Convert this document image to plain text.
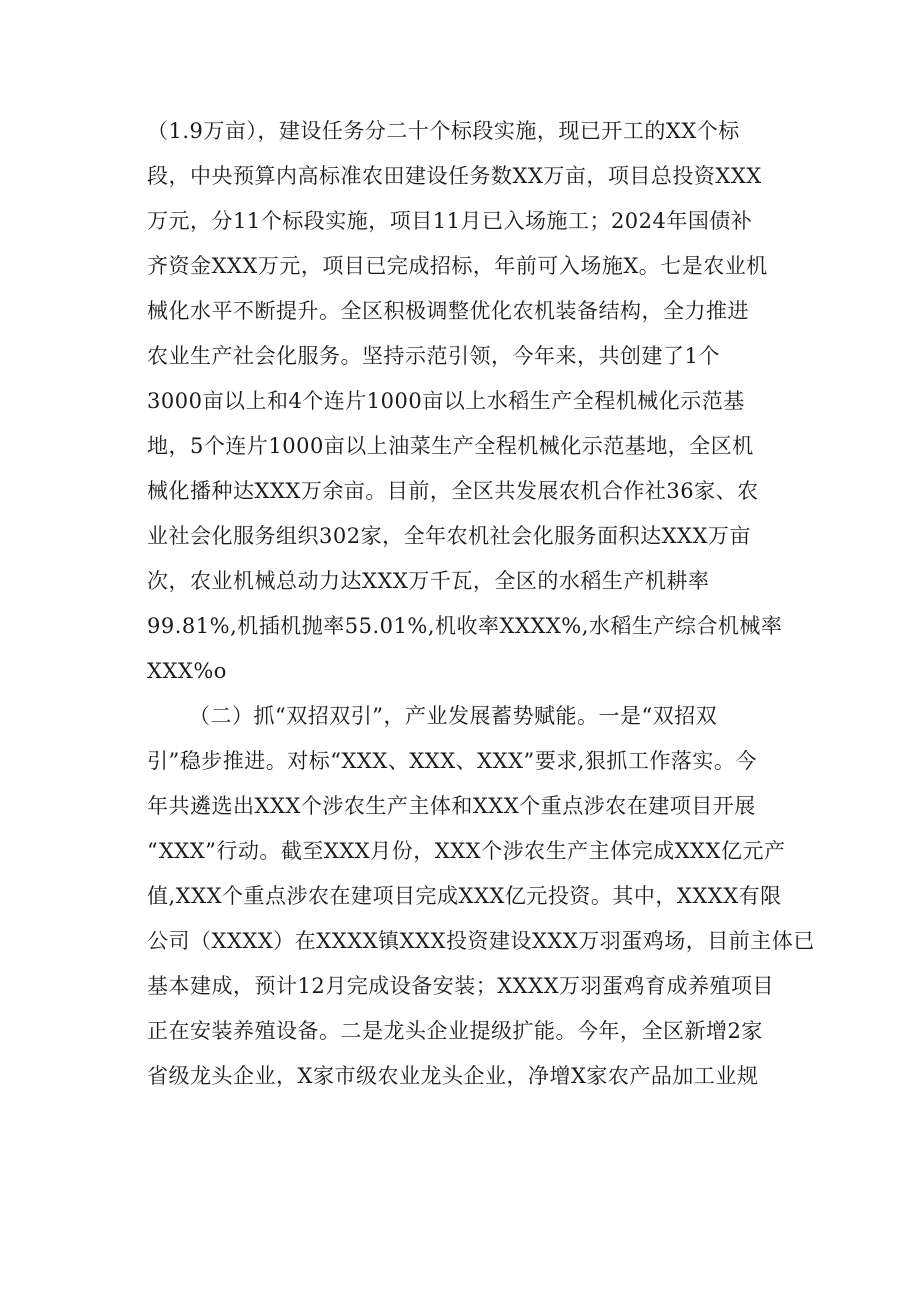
（1.9万亩），建设任务分二十个标段实施，现已开工的XX个标
段，中央预算内高标准农田建设任务数XX万亩，项目总投资XXX
万元，分11个标段实施，项目11月已入场施工；2024年国债补
齐资金XXX万元，项目已完成招标，年前可入场施X。七是农业机
械化水平不断提升。全区积极调整优化农机装备结构，全力推进
农业生产社会化服务。坚持示范引领，今年来，共创建了1个
3000亩以上和4个连片1000亩以上水稻生产全程机械化示范基
地，5个连片1000亩以上油菜生产全程机械化示范基地，全区机
械化播种达XXX万余亩。目前，全区共发展农机合作社36家、农
业社会化服务组织302家，全年农机社会化服务面积达XXX万亩
次，农业机械总动力达XXX万千瓦，全区的水稻生产机耕率
99.81%,机插机抛率55.01%,机收率XXXX%,水稻生产综合机械率
XXX%o
（二）抓“双招双引”，产业发展蓄势赋能。一是“双招双
引”稳步推进。对标“XXX、XXX、XXX”要求,狠抓工作落实。今
年共遴选出XXX个涉农生产主体和XXX个重点涉农在建项目开展
“XXX”行动。截至XXX月份，XXX个涉农生产主体完成XXX亿元产
值,XXX个重点涉农在建项目完成XXX亿元投资。其中，XXXX有限
公司（XXXX）在XXXX镇XXX投资建设XXX万羽蛋鸡场，目前主体已
基本建成，预计12月完成设备安装；XXXX万羽蛋鸡育成养殖项目
正在安装养殖设备。二是龙头企业提级扩能。今年，全区新增2家
省级龙头企业，X家市级农业龙头企业，净增X家农产品加工业规
